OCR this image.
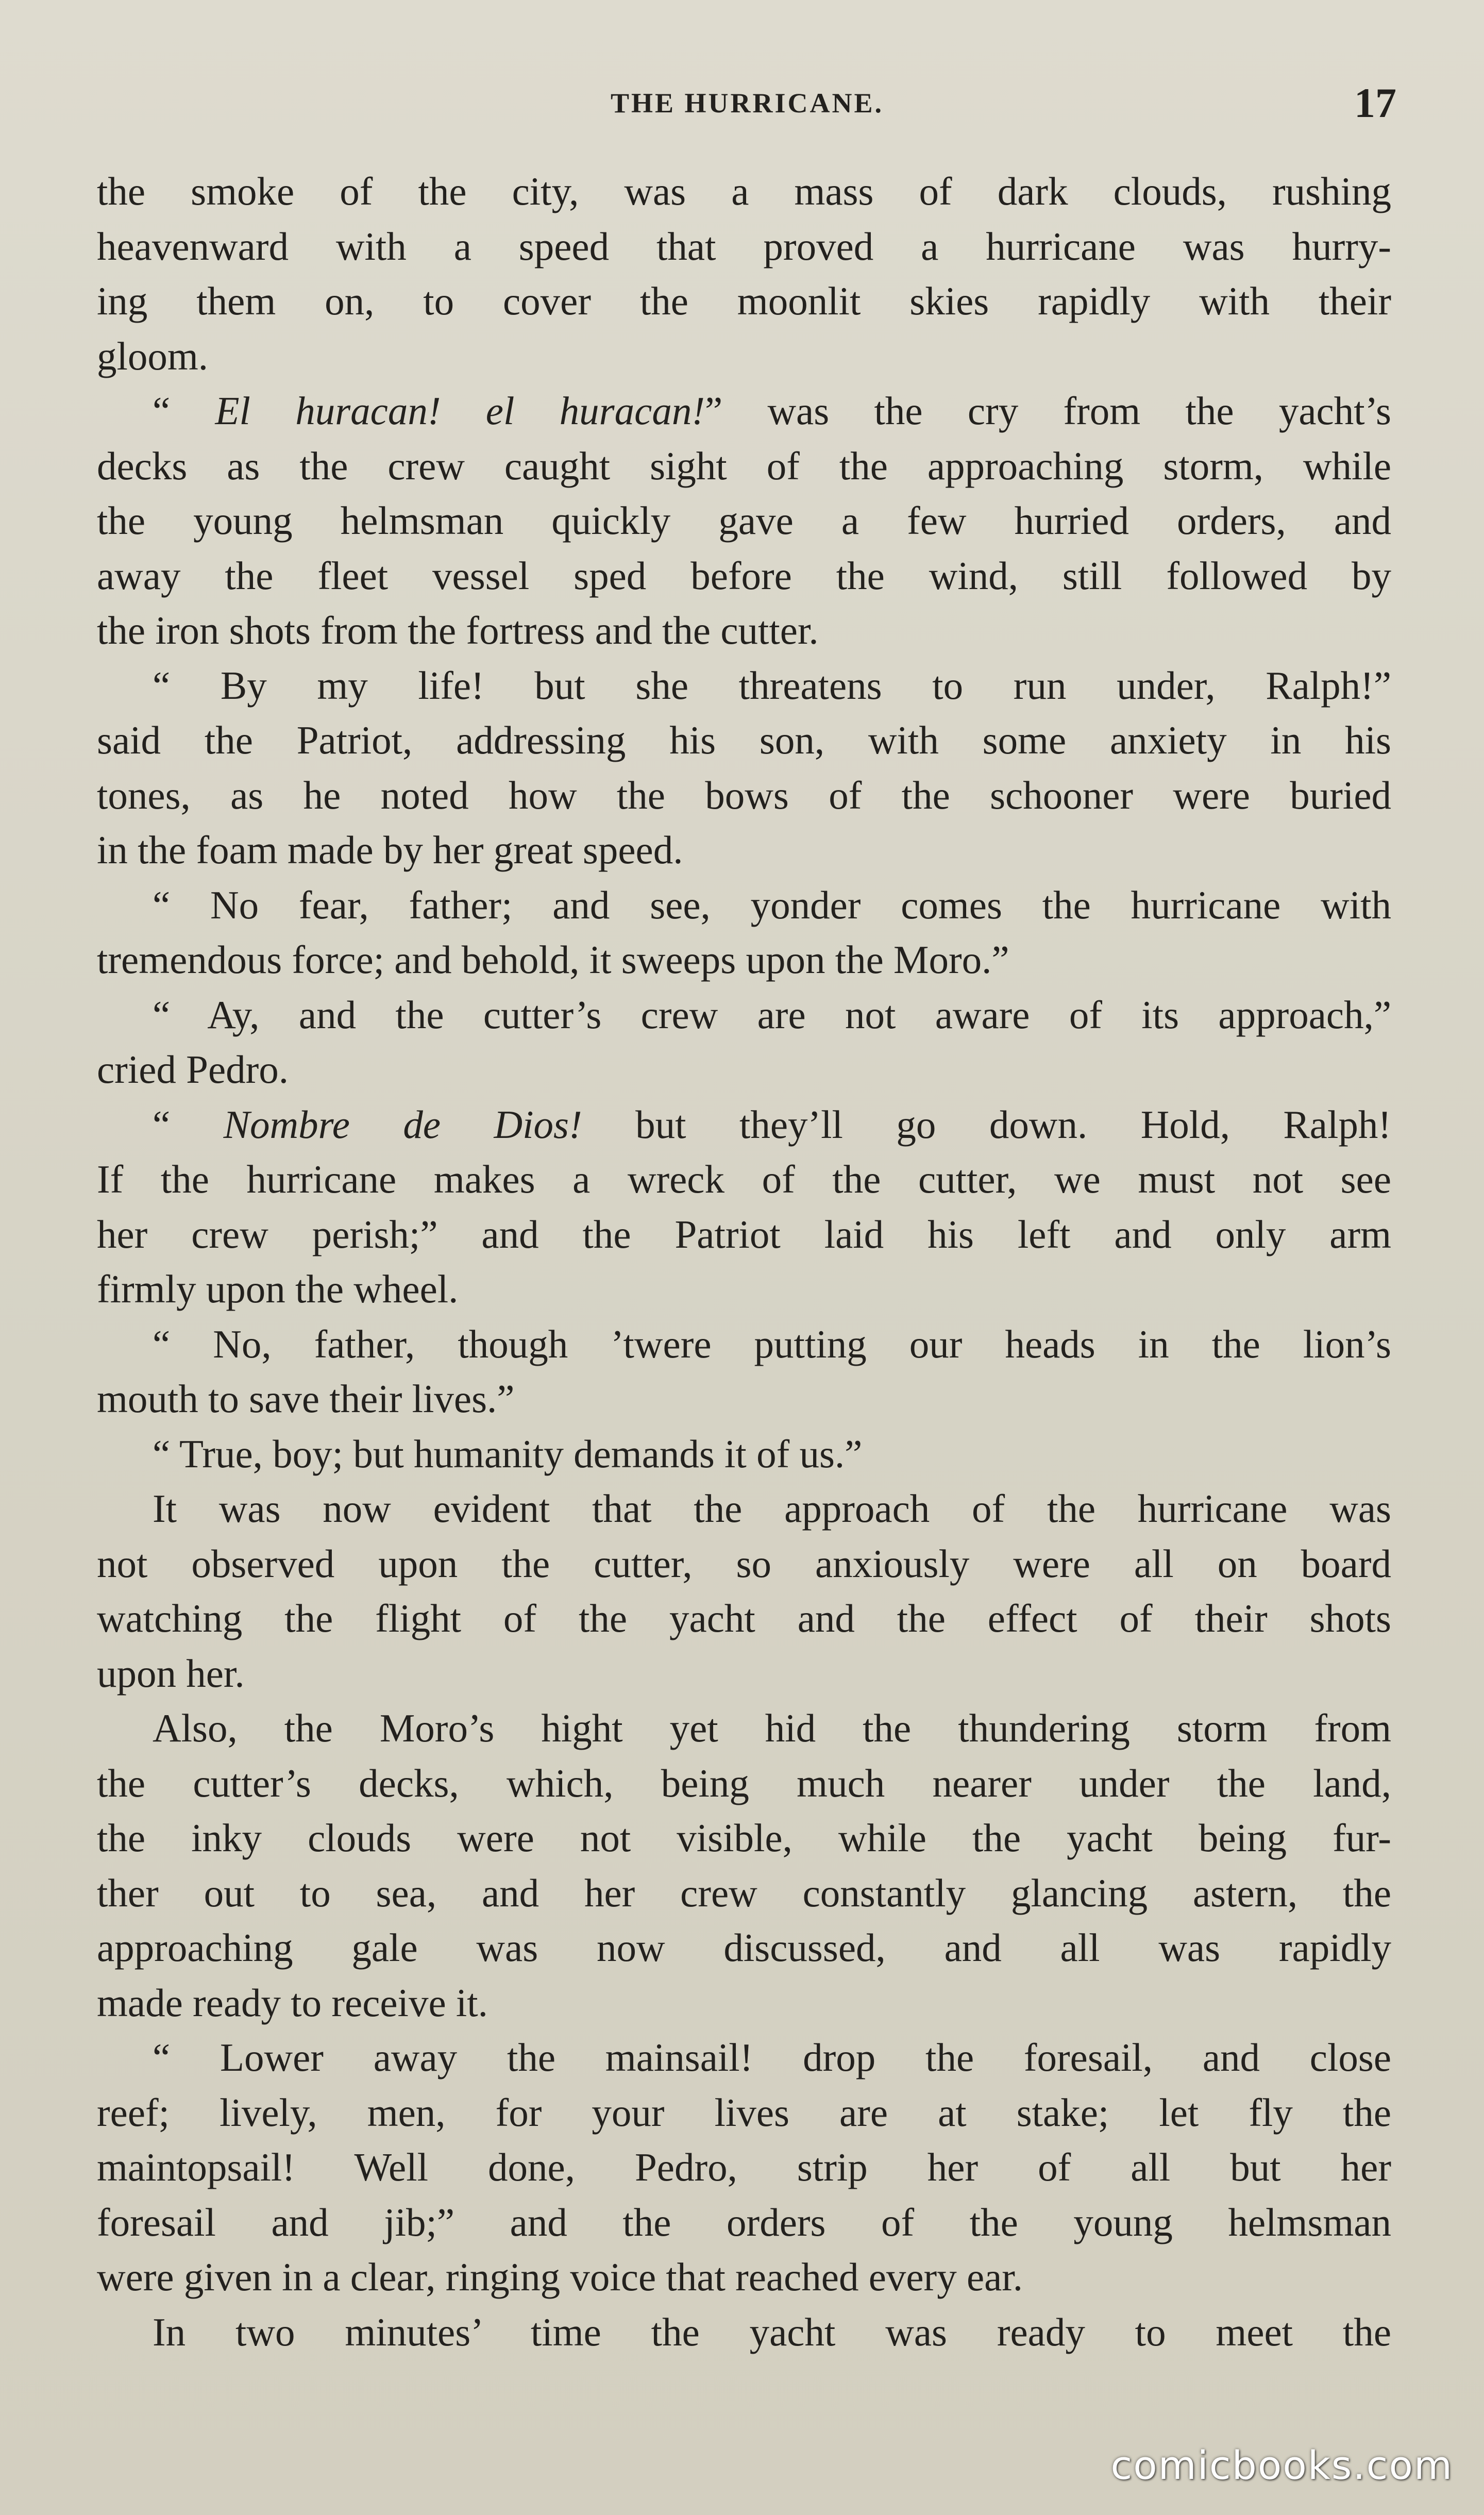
THE HURRICANE.	17
the smoke of the city, was a mass of dark clouds, rushing
heavenward with a speed that proved a hurricane was hurry-
ing them on, to cover the moonlit skies rapidly with their
gloom.
“ El huracan! el huracan!” was the cry from the yacht’s
decks as the crew caught sight of the approaching storm, while
the young helmsman quickly gave a few hurried orders, and
away the fleet vessel sped before the wind, still followed by
the iron shots from the fortress and the cutter.
“ By my life! but she threatens to run under, Ralph!”
said the Patriot, addressing his son, with some anxiety in his
tones, as he noted how the bows of the schooner were buried
in the foam made by her great speed.
“ No fear, father; and see, yonder comes the hurricane with
tremendous force; and behold, it sweeps upon the Moro.”
“ Ay, and the cutter’s crew are not aware of its approach,”
cried Pedro.
“ Nombre de Dios! but they’ll go down. Hold, Ralph!
If the hurricane makes a wreck of the cutter, we must not see
her crew perish;” and the Patriot laid his left and only arm
firmly upon the wheel.
“ No, father, though ’twere putting our heads in the lion’s
mouth to save their lives.”
“ True, boy; but humanity demands it of us.”
It was now evident that the approach of the hurricane was
not observed upon the cutter, so anxiously were all on board
watching the flight of the yacht and the effect of their shots
upon her.
Also, the Moro’s hight yet hid the thundering storm from
the cutter’s decks, which, being much nearer under the land,
the inky clouds were not visible, while the yacht being fur-
ther out to sea, and her crew constantly glancing astern, the
approaching gale was now discussed, and all was rapidly
made ready to receive it.
“ Lower away the mainsail! drop the foresail, and close
reef; lively, men, for your lives are at stake; let fly the
maintopsail! Well done, Pedro, strip her of all but her
foresail and jib;” and the orders of the young helmsman
were given in a clear, ringing voice that reached every ear.
In two minutes’ time the yacht was ready to meet the
comicbooks.com
